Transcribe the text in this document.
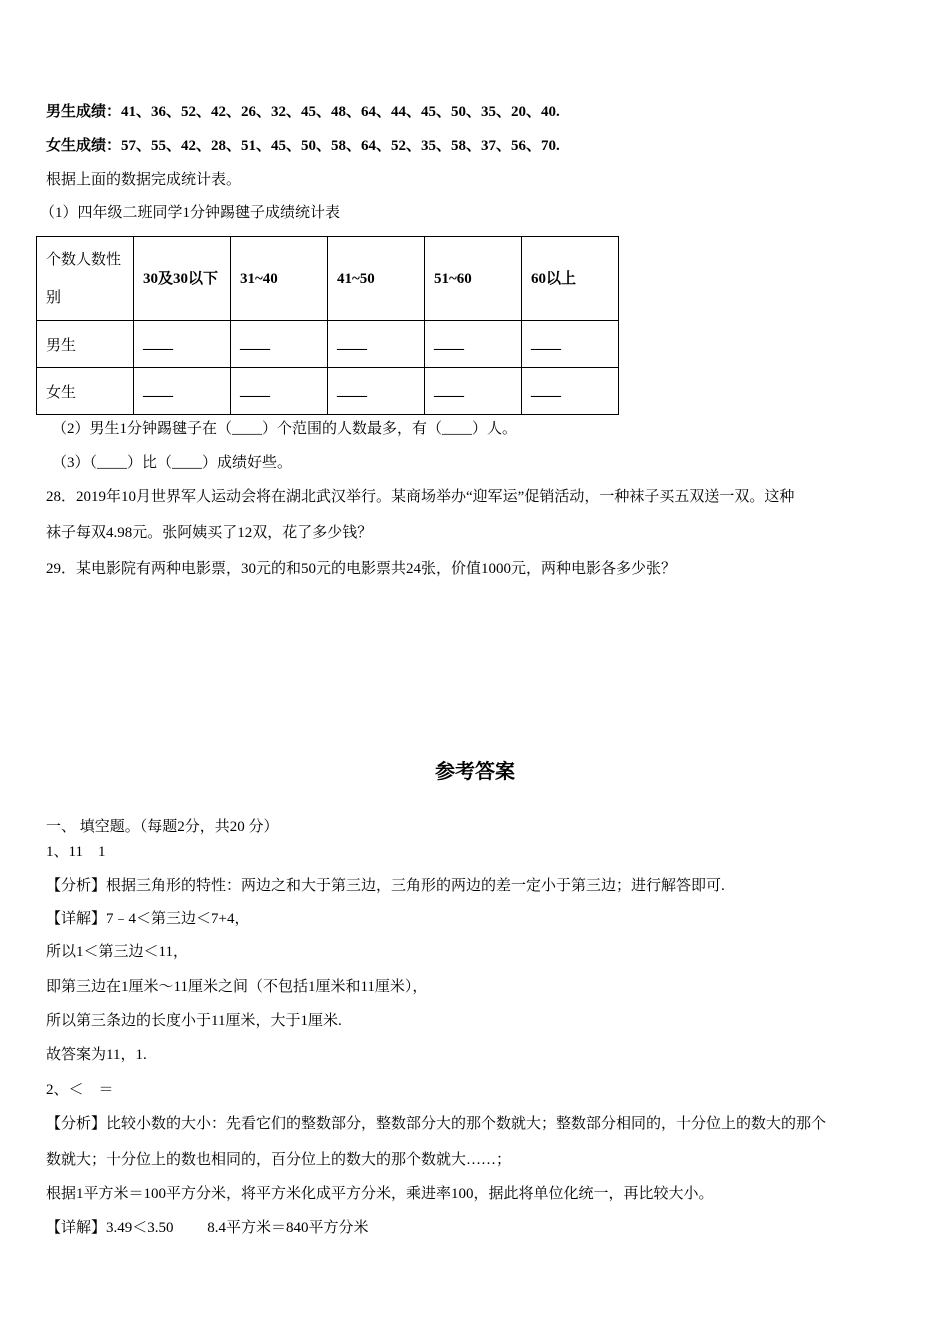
男生成绩：41、36、52、42、26、32、45、48、64、44、45、50、35、20、40.
女生成绩：57、55、42、28、51、45、50、58、64、52、35、58、37、56、70.
根据上面的数据完成统计表。
（1）四年级二班同学1分钟踢毽子成绩统计表
个数人数性别	30及30以下	31~40	41~50	51~60	60以上
男生	____	____	____	____	____
女生	____	____	____	____	____
（2）男生1分钟踢毽子在（____）个范围的人数最多，有（____）人。
（3）（____）比（____）成绩好些。
28．2019年10月世界军人运动会将在湖北武汉举行。某商场举办“迎军运”促销活动，一种袜子买五双送一双。这种
袜子每双4.98元。张阿姨买了12双，花了多少钱？
29．某电影院有两种电影票，30元的和50元的电影票共24张，价值1000元，两种电影各多少张？
参考答案
一、 填空题。（每题2分，共20 分）
1、11　1
【分析】根据三角形的特性：两边之和大于第三边，三角形的两边的差一定小于第三边；进行解答即可.
【详解】7﹣4＜第三边＜7+4，
所以1＜第三边＜11，
即第三边在1厘米～11厘米之间（不包括1厘米和11厘米），
所以第三条边的长度小于11厘米，大于1厘米.
故答案为11，1.
2、＜　＝
【分析】比较小数的大小：先看它们的整数部分，整数部分大的那个数就大；整数部分相同的，十分位上的数大的那个
数就大；十分位上的数也相同的，百分位上的数大的那个数就大……；
根据1平方米＝100平方分米，将平方米化成平方分米，乘进率100，据此将单位化统一，再比较大小。
【详解】3.49＜3.50　　 8.4平方米＝840平方分米
